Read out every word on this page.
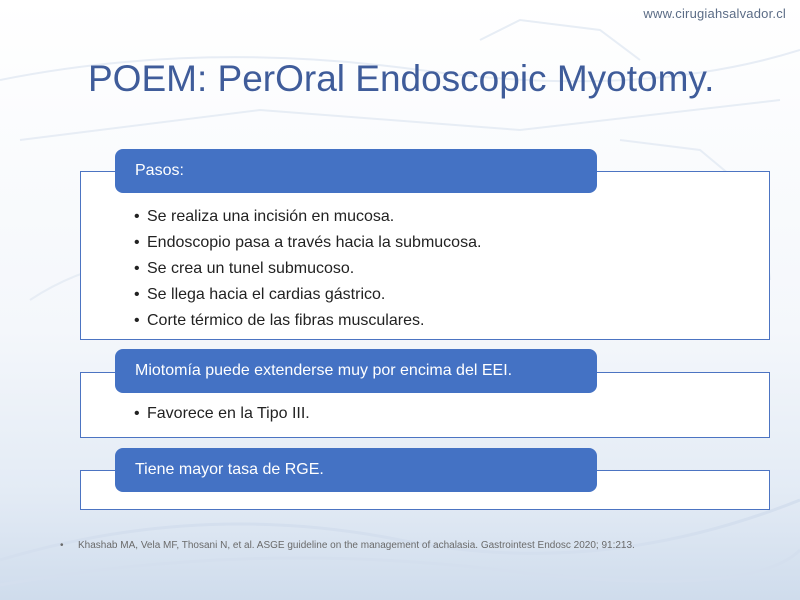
www.cirugiahsalvador.cl
POEM: PerOral Endoscopic Myotomy.
• Se realiza una incisión en mucosa.
• Endoscopio pasa a través hacia la submucosa.
• Se crea un tunel submucoso.
• Se llega hacia el cardias gástrico.
• Corte térmico de las fibras musculares.
Pasos:
• Favorece en la Tipo III.
Miotomía puede extenderse muy por encima del EEI.
Tiene mayor tasa de RGE.
• Khashab MA, Vela MF, Thosani N, et al. ASGE guideline on the management of achalasia. Gastrointest Endosc 2020; 91:213.
